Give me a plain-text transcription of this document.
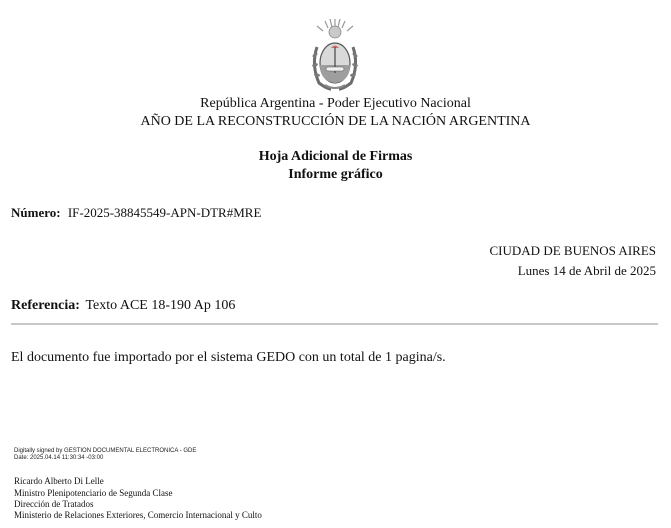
República Argentina - Poder Ejecutivo Nacional
AÑO DE LA RECONSTRUCCIÓN DE LA NACIÓN ARGENTINA
Hoja Adicional de Firmas
Informe gráfico
Número: IF-2025-38845549-APN-DTR#MRE
CIUDAD DE BUENOS AIRES
Lunes 14 de Abril de 2025
Referencia: Texto ACE 18-190 Ap 106
El documento fue importado por el sistema GEDO con un total de 1 pagina/s.
Digitally signed by GESTION DOCUMENTAL ELECTRONICA - GDE
Date: 2025.04.14 11:30:34 -03:00
Ricardo Alberto Di Lelle
Ministro Plenipotenciario de Segunda Clase
Dirección de Tratados
Ministerio de Relaciones Exteriores, Comercio Internacional y Culto
